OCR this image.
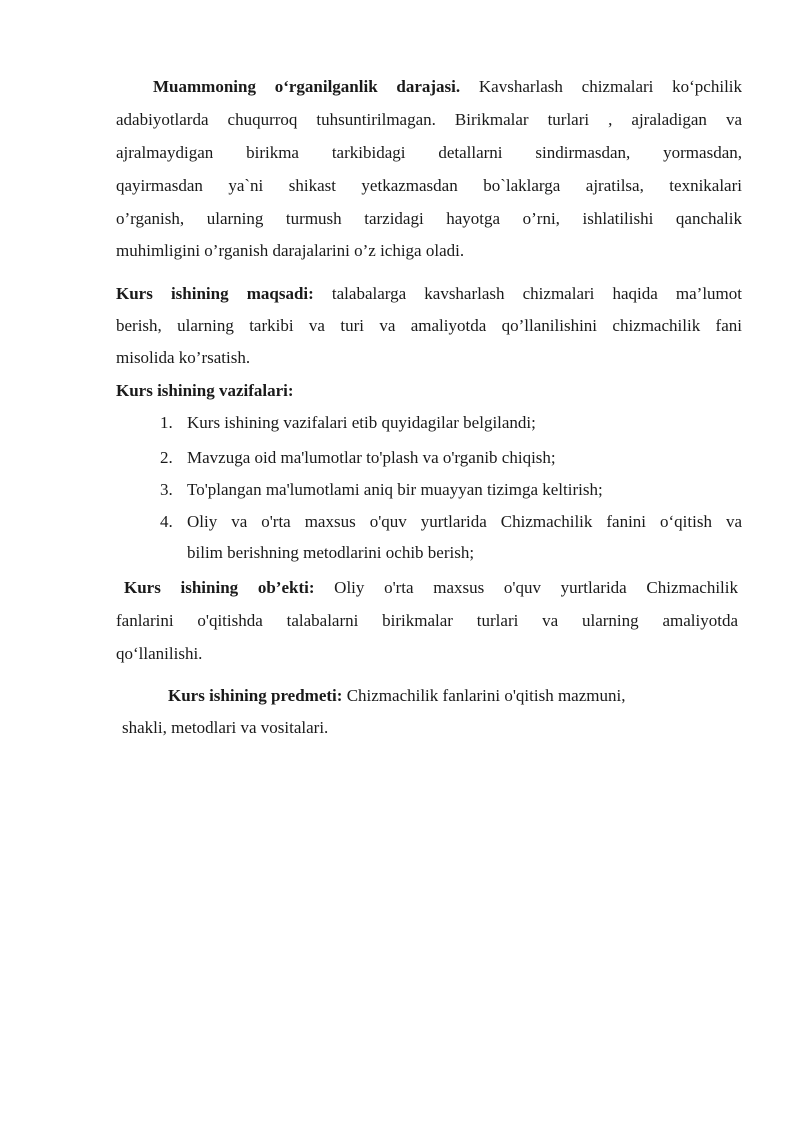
Muammoning o‘rganilganlik darajasi. Kavsharlash chizmalari ko‘pchilik
adabiyotlarda chuqurroq tuhsuntirilmagan. Birikmalar turlari , ajraladigan va
ajralmaydigan birikma tarkibidagi detallarni sindirmasdan, yormasdan,
qayirmasdan ya`ni shikast yetkazmasdan bo`laklarga ajratilsa, texnikalari
o’rganish, ularning turmush tarzidagi hayotga o’rni, ishlatilishi qanchalik
muhimligini o’rganish darajalarini o’z ichiga oladi.
Kurs ishining maqsadi: talabalarga kavsharlash chizmalari haqida ma’lumot
berish, ularning tarkibi va turi va amaliyotda qo’llanilishini chizmachilik fani
misolida ko’rsatish.
Kurs ishining vazifalari:
1. Kurs ishining vazifalari etib quyidagilar belgilandi;
2. Mavzuga oid ma'lumotlar to'plash va o'rganib chiqish;
3. To'plangan ma'lumotlami aniq bir muayyan tizimga keltirish;
4. Oliy va o'rta maxsus o'quv yurtlarida Chizmachilik fanini o‘qitish va
bilim berishning metodlarini ochib berish;
Kurs ishining ob’ekti: Oliy o'rta maxsus o'quv yurtlarida Chizmachilik
fanlarini o'qitishda talabalarni birikmalar turlari va ularning amaliyotda
qo‘llanilishi.
Kurs ishining predmeti: Chizmachilik fanlarini o'qitish mazmuni,
shakli, metodlari va vositalari.
